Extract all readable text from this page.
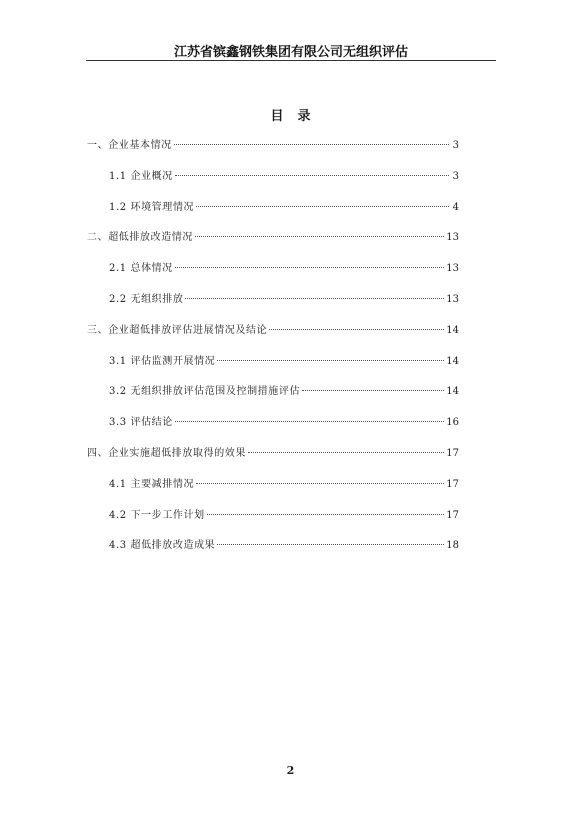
江苏省镔鑫钢铁集团有限公司无组织评估
目 录
一、企业基本情况	3
1.1 企业概况	3
1.2 环境管理情况	4
二、超低排放改造情况	13
2.1 总体情况	13
2.2 无组织排放	13
三、企业超低排放评估进展情况及结论	14
3.1 评估监测开展情况	14
3.2 无组织排放评估范围及控制措施评估	14
3.3 评估结论	16
四、企业实施超低排放取得的效果	17
4.1 主要减排情况	17
4.2 下一步工作计划	17
4.3 超低排放改造成果	18
2
